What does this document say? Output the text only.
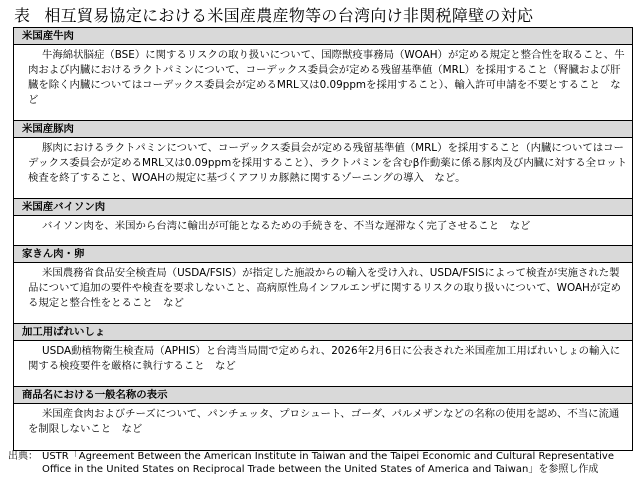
表 相互貿易協定における米国産農産物等の台湾向け非関税障壁の対応
米国産牛肉

牛海綿状脳症（BSE）に関するリスクの取り扱いについて、国際獣疫事務局（WOAH）が定める規定と整合性を取ること、牛肉および内臓におけるラクトパミンについて、コーデックス委員会が定める残留基準値（MRL）を採用すること（腎臓および肝臓を除く内臓についてはコーデックス委員会が定めるMRL又は0.09ppmを採用すること）、輸入許可申請を不要とすること　など

米国産豚肉

豚肉におけるラクトパミンについて、コーデックス委員会が定める残留基準値（MRL）を採用すること（内臓についてはコーデックス委員会が定めるMRL又は0.09ppmを採用すること）、ラクトパミンを含むβ作動薬に係る豚肉及び内臓に対する全ロット検査を終了すること、WOAHの規定に基づくアフリカ豚熱に関するゾーニングの導入　など。

米国産バイソン肉

バイソン肉を、米国から台湾に輸出が可能となるための手続きを、不当な遅滞なく完了させること　など

家きん肉・卵

米国農務省食品安全検査局（USDA/FSIS）が指定した施設からの輸入を受け入れ、USDA/FSISによって検査が実施された製品について追加の要件や検査を要求しないこと、高病原性鳥インフルエンザに関するリスクの取り扱いについて、WOAHが定める規定と整合性をとること　など

加工用ばれいしょ

USDA動植物衛生検査局（APHIS）と台湾当局間で定められ、2026年2月6日に公表された米国産加工用ばれいしょの輸入に関する検疫要件を厳格に執行すること　など

商品名における一般名称の表示

米国産食肉およびチーズについて、パンチェッタ、プロシュート、ゴーダ、パルメザンなどの名称の使用を認め、不当に流通を制限しないこと　など

出典： USTR「Agreement Between the American Institute in Taiwan and the Taipei Economic and Cultural Representative Office in the United States on Reciprocal Trade between the United States of America and Taiwan」を参照し作成
